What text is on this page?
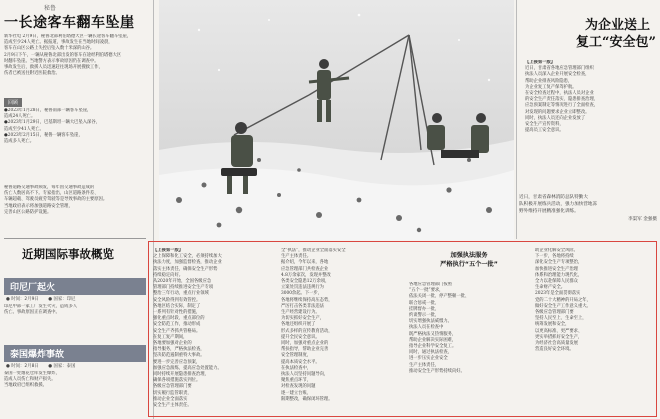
秘鲁
一长途客车翻车坠崖
新华社电 2月9日，秘鲁北部利伯塔德大区一辆长途客车翻车坠崖，
造成至少24人死亡。据报道，事故发生在当地时间凌晨，
客车在山区公路上失控后坠入数十米深的山谷。
2月9日下午，一辆从秘鲁北部出发的客车在途经利伯塔德大区
时翻车坠崖。当地警方表示事故原因仍在调查中。
事故发生后，救援人员迅速赶往现场开展搜救工作，
伤者已被送往附近医院救治。
回顾
●2023年1月28日，秘鲁南部一辆客车坠崖，
造成24人死亡。
●2023年1月29日，巴基斯坦一辆大巴坠入深谷，
造成至少41人死亡。
●2023年2月15日，秘鲁一辆客车坠崖，
造成多人死亡。
秘鲁道路交通事故频发，每年因交通事故造成的
伤亡人数居高不下。专家指出，山区道路条件差、
车辆超载、驾驶员疲劳驾驶等是导致事故的主要原因。
当地政府表示将加强道路安全管理，
完善山区公路防护设施。
近期国际事故概览
印尼厂起火
● 时间：2月9日 ● 国家：印尼
印尼中部一家工厂发生火灾，造成多人
伤亡。事故原因正在调查中。
泰国爆炸事故
● 时间：2月8日 ● 国家：泰国
泰国一处烟花仓库发生爆炸，
造成人员伤亡和财产损失。
当地政府已组织救援。
为企业送上
复工“安全包”
【上接第一版】
近日，甘肃省各地应急管理部门组织
执法人员深入企业开展安全检查，
帮助企业排查风险隐患，
为企业复工复产保驾护航。
在安全检查过程中，执法人员对企业
的安全生产责任落实、隐患排查治理、
应急预案制定等情况进行了全面检查，
对发现的问题要求企业立即整改。
同时，执法人员还向企业发放了
安全生产宣传资料，
提高员工安全意识。
近日，甘肃省森林消防总队特勤大
队积极开展练兵活动，强力加快营地冻
野外维持开展精准强化训练。
李渠军 金强摄
【上接第一版】
之上保障和化工安全，必须持续加大
执法力度，加强监督检查，推动企业
落实主体责任，确保安全生产形势
持续稳定向好。
从2020年开始，全国各级应急
管理部门持续推进安全生产专项
整治三年行动，重点行业领域
安全风险得到有效管控。
各地区结合实际，制定了
一系列有针对性的措施，
强化重点时段、重点部位的
安全防范工作，推动形成
安全生产齐抓共管格局。
在复工复产期间，
各地要加强对企业的
指导服务，严格执法检查，
坚决防范遏制重特大事故。
要进一步完善应急预案，
加强应急演练，提高应急处置能力。
同时持续开展隐患排查治理，
确保各项措施落实到位。
各级应急管理部门要
切实履行监管职责，
推动企业全面落实
安全生产主体责任。
全“执法”，推动企业全面落实安全
生产主体责任。
据介绍，今年以来，各地
应急管理部门共检查企业
4.8万余家次，发现并整改
各类安全隐患12万余项，
立案处罚违法违规行为
3000余起。下一步，
各地将继续保持高压态势，
严厉打击各类非法违法
生产经营建设行为。
为切实抓好安全生产，
各地还组织开展了
形式多样的宣传教育活动，
提升全民安全意识。
同时，加强对重点企业的
帮扶指导，帮助企业完善
安全管理制度，
提高本质安全水平。
在执法检查中，
执法人员坚持问题导向，
聚焦重点环节，
对检查发现的问题
逐一建立台账、
限期整改，确保闭环管理。
加强执法服务
严格执行“五个一批”
各地应急管理部门按照
“五个一批”要求，
依法关闭一批、停产整顿一批、
联合惩戒一批、
挂牌督办一批、
约谈警示一批，
切实增强执法威慑力。
执法人员在检查中
既严格执法又热情服务，
帮助企业解决实际困难，
指导企业科学安全复工。
同时，通过执法检查，
进一步压实企业安全
生产主体责任，
推动安全生产形势持续向好。
助企业化解安全风险。
下一步，各地将持续
深化安全生产专项整治，
加快推进安全生产治理
体系和治理能力现代化，
全力以赴保障人民群众
生命财产安全。
2023年是全面贯彻落实
党的二十大精神的开局之年，
做好安全生产工作意义重大。
各级应急管理部门要
坚持人民至上、生命至上，
统筹发展和安全，
以更高标准、更严要求、
更实举措抓好安全生产，
为经济社会高质量发展
营造良好安全环境。
